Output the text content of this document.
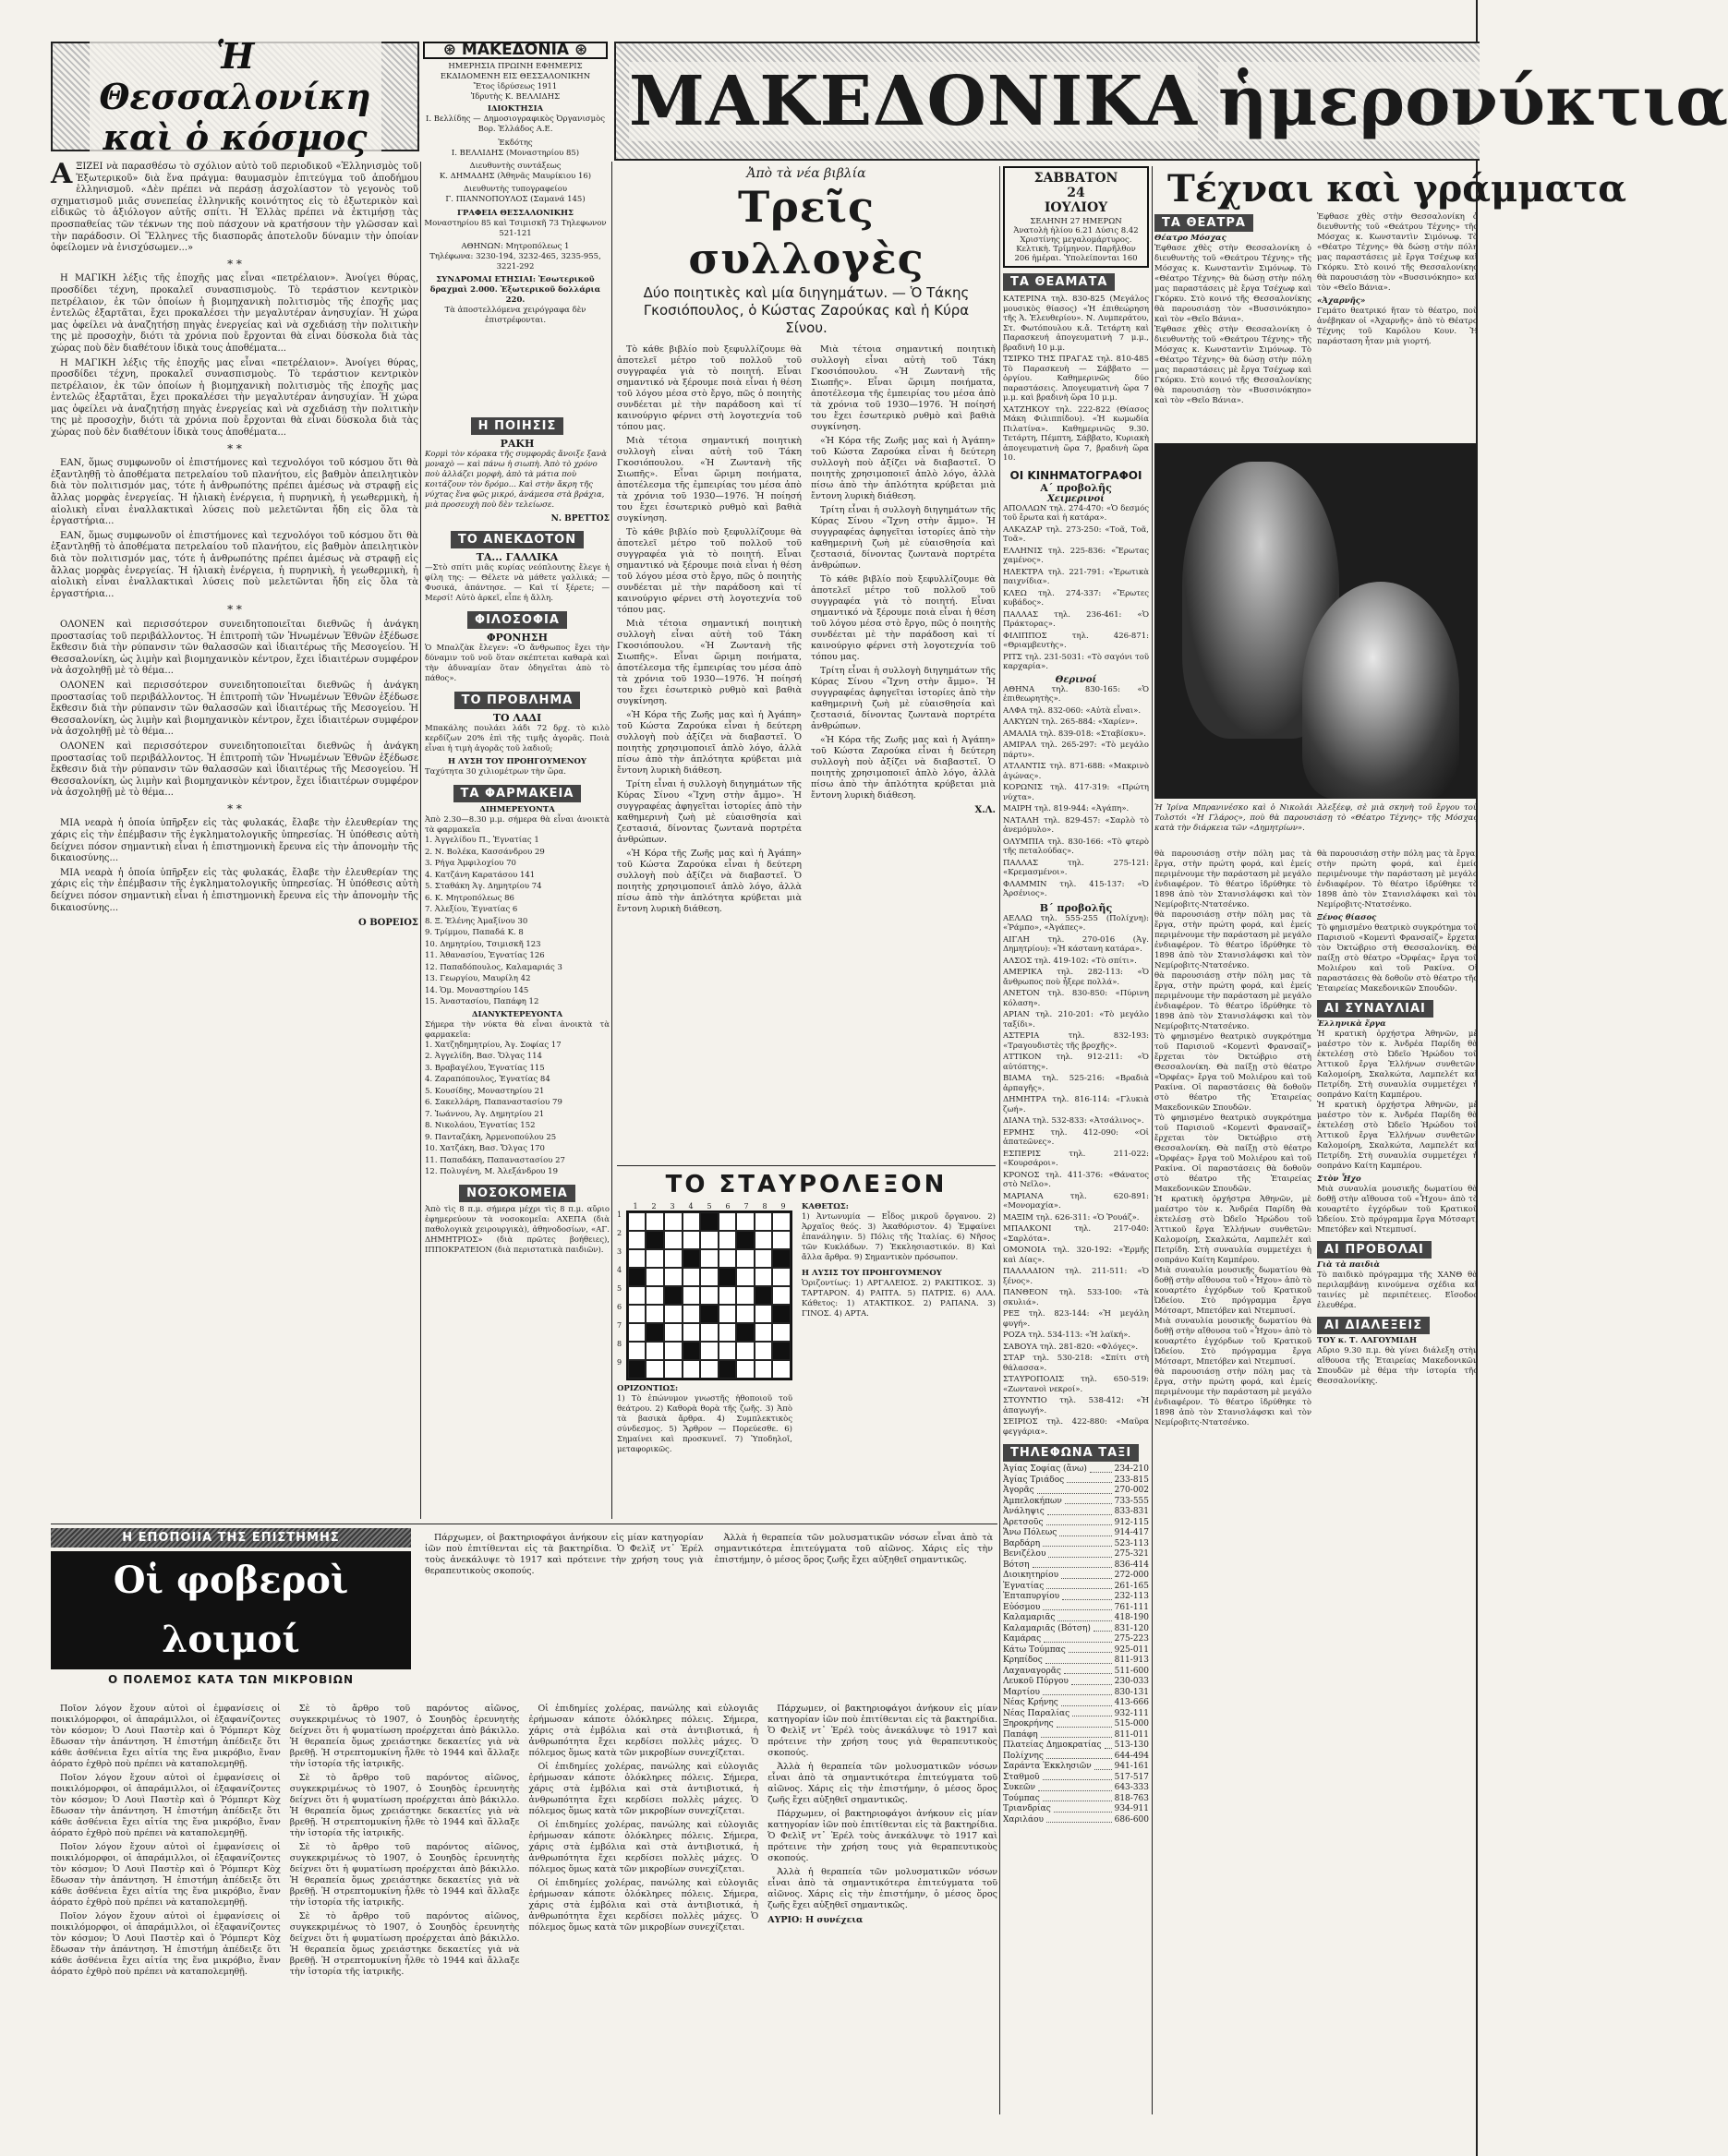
Ἡ Θεσσαλονίκη καὶ ὁ κόσμος
⊛ ΜΑΚΕΔΟΝΙΑ ⊛
ΗΜΕΡΗΣΙΑ ΠΡΩΙΝΗ ΕΦΗΜΕΡΙΣ ΕΚΔΙΔΟΜΕΝΗ ΕΙΣ ΘΕΣΣΑΛΟΝΙΚΗΝ
Ἔτος ἱδρύσεως 1911
Ἱδρυτὴς Κ. ΒΕΛΛΙΔΗΣ
ΙΔΙΟΚΤΗΣΙΑ
Ι. Βελλίδης — Δημοσιογραφικὸς Ὀργανισμὸς Βορ. Ἑλλάδος Α.Ε.
Ἐκδότης
Ι. ΒΕΛΛΙΔΗΣ (Μοναστηρίου 85)
Διευθυντὴς συντάξεως
Κ. ΔΗΜΑΔΗΣ (Ἀθηνᾶς Μαυρίκιου 16)
Διευθυντὴς τυπογραφείου
Γ. ΠΙΑΝΝΟΠΟΥΛΟΣ (Σαμανά 145)
ΓΡΑΦΕΙΑ ΘΕΣΣΑΛΟΝΙΚΗΣ
Μοναστηρίου 85 καὶ Τσιμισκῆ 73 Τηλεφωνον 521-121
ΑΘΗΝΩΝ: Μητροπόλεως 1
Τηλέφωνα: 3230-194, 3232-465, 3235-955, 3221-292
ΣΥΝΔΡΟΜΑΙ ΕΤΗΣΙΑΙ: Ἐσωτερικοῦ δραχμαὶ 2.000. Ἐξωτερικοῦ δολλάρια 220.
Τὰ ἀποστελλόμενα χειρόγραφα δὲν ἐπιστρέφονται.
ΜΑΚΕΔΟΝΙΚΑ ἡμερονύκτια

ΑΞΙΖΕΙ νὰ παρασθέσω τὸ σχόλιον αὐτὸ τοῦ περιοδικοῦ «Ἑλληνισμὸς τοῦ Ἐξωτερικοῦ» διὰ ἕνα πράγμα: θαυμασμὸν ἐπιτεύγμα τοῦ ἀποδήμου ἑλληνισμοῦ. «Δὲν πρέπει νὰ περάσῃ ἀσχολίαστον τὸ γεγονὸς τοῦ σχηματισμοῦ μιᾶς συνεπείας ἑλληνικῆς κοινότητος εἰς τὸ ἐξωτερικὸν καὶ εἰδικῶς τὸ ἀξιόλογον αὐτῆς σπίτι. Ἡ Ἑλλὰς πρέπει νὰ ἐκτιμήσῃ τὰς προσπαθείας τῶν τέκνων της ποὺ πάσχουν νὰ κρατήσουν τὴν γλῶσσαν καὶ τὴν παράδοσιν. Οἱ Ἕλληνες τῆς διασπορᾶς ἀποτελοῦν δύναμιν τὴν ὁποίαν ὀφείλομεν νὰ ἐνισχύσωμεν...»

* *

Η ΜΑΓΙΚΗ λέξις τῆς ἐποχῆς μας εἶναι «πετρέλαιον». Ἀνοίγει θύρας, προσδίδει τέχνη, προκαλεῖ συνασπισμοὺς. Τὸ τεράστιον κεντρικὸν πετρέλαιον, ἐκ τῶν ὁποίων ἡ βιομηχανικὴ πολιτισμὸς τῆς ἐποχῆς μας ἐντελῶς ἐξαρτᾶται, ἔχει προκαλέσει τὴν μεγαλυτέραν ἀνησυχίαν. Ἡ χώρα μας ὀφείλει νὰ ἀναζητήσῃ πηγὰς ἐνεργείας καὶ νὰ σχεδιάσῃ τὴν πολιτικὴν της μὲ προσοχὴν, διότι τὰ χρόνια ποὺ ἔρχονται θὰ εἶναι δύσκολα διὰ τὰς χώρας ποὺ δὲν διαθέτουν ἰδικὰ τους ἀποθέματα...

Η ΜΑΓΙΚΗ λέξις τῆς ἐποχῆς μας εἶναι «πετρέλαιον». Ἀνοίγει θύρας, προσδίδει τέχνη, προκαλεῖ συνασπισμοὺς. Τὸ τεράστιον κεντρικὸν πετρέλαιον, ἐκ τῶν ὁποίων ἡ βιομηχανικὴ πολιτισμὸς τῆς ἐποχῆς μας ἐντελῶς ἐξαρτᾶται, ἔχει προκαλέσει τὴν μεγαλυτέραν ἀνησυχίαν. Ἡ χώρα μας ὀφείλει νὰ ἀναζητήσῃ πηγὰς ἐνεργείας καὶ νὰ σχεδιάσῃ τὴν πολιτικὴν της μὲ προσοχὴν, διότι τὰ χρόνια ποὺ ἔρχονται θὰ εἶναι δύσκολα διὰ τὰς χώρας ποὺ δὲν διαθέτουν ἰδικὰ τους ἀποθέματα...

* *

ΕΑΝ, ὅμως συμφωνοῦν οἱ ἐπιστήμονες καὶ τεχνολόγοι τοῦ κόσμου ὅτι θὰ ἐξαντληθῇ τὸ ἀποθέματα πετρελαίου τοῦ πλανήτου, εἰς βαθμὸν ἀπειλητικὸν διὰ τὸν πολιτισμόν μας, τότε ἡ ἀνθρωπότης πρέπει ἀμέσως νὰ στραφῇ εἰς ἄλλας μορφὰς ἐνεργείας. Ἡ ἡλιακὴ ἐνέργεια, ἡ πυρηνικὴ, ἡ γεωθερμικὴ, ἡ αἰολικὴ εἶναι ἐναλλακτικαὶ λύσεις ποὺ μελετῶνται ἤδη εἰς ὅλα τὰ ἐργαστήρια...

ΕΑΝ, ὅμως συμφωνοῦν οἱ ἐπιστήμονες καὶ τεχνολόγοι τοῦ κόσμου ὅτι θὰ ἐξαντληθῇ τὸ ἀποθέματα πετρελαίου τοῦ πλανήτου, εἰς βαθμὸν ἀπειλητικὸν διὰ τὸν πολιτισμόν μας, τότε ἡ ἀνθρωπότης πρέπει ἀμέσως νὰ στραφῇ εἰς ἄλλας μορφὰς ἐνεργείας. Ἡ ἡλιακὴ ἐνέργεια, ἡ πυρηνικὴ, ἡ γεωθερμικὴ, ἡ αἰολικὴ εἶναι ἐναλλακτικαὶ λύσεις ποὺ μελετῶνται ἤδη εἰς ὅλα τὰ ἐργαστήρια...

* *

ΟΛΟΝΕΝ καὶ περισσότερον συνειδητοποιεῖται διεθνῶς ἡ ἀνάγκη προστασίας τοῦ περιβάλλοντος. Ἡ ἐπιτροπὴ τῶν Ἡνωμένων Ἐθνῶν ἐξέδωσε ἔκθεσιν διὰ τὴν ρύπανσιν τῶν θαλασσῶν καὶ ἰδιαιτέρως τῆς Μεσογείου. Ἡ Θεσσαλονίκη, ὡς λιμὴν καὶ βιομηχανικὸν κέντρον, ἔχει ἰδιαιτέρων συμφέρον νὰ ἀσχοληθῇ μὲ τὸ θέμα...

ΟΛΟΝΕΝ καὶ περισσότερον συνειδητοποιεῖται διεθνῶς ἡ ἀνάγκη προστασίας τοῦ περιβάλλοντος. Ἡ ἐπιτροπὴ τῶν Ἡνωμένων Ἐθνῶν ἐξέδωσε ἔκθεσιν διὰ τὴν ρύπανσιν τῶν θαλασσῶν καὶ ἰδιαιτέρως τῆς Μεσογείου. Ἡ Θεσσαλονίκη, ὡς λιμὴν καὶ βιομηχανικὸν κέντρον, ἔχει ἰδιαιτέρων συμφέρον νὰ ἀσχοληθῇ μὲ τὸ θέμα...

ΟΛΟΝΕΝ καὶ περισσότερον συνειδητοποιεῖται διεθνῶς ἡ ἀνάγκη προστασίας τοῦ περιβάλλοντος. Ἡ ἐπιτροπὴ τῶν Ἡνωμένων Ἐθνῶν ἐξέδωσε ἔκθεσιν διὰ τὴν ρύπανσιν τῶν θαλασσῶν καὶ ἰδιαιτέρως τῆς Μεσογείου. Ἡ Θεσσαλονίκη, ὡς λιμὴν καὶ βιομηχανικὸν κέντρον, ἔχει ἰδιαιτέρων συμφέρον νὰ ἀσχοληθῇ μὲ τὸ θέμα...

* *

ΜΙΑ νεαρὰ ἡ ὁποία ὑπῆρξεν εἰς τὰς φυλακάς, ἔλαβε τὴν ἐλευθερίαν της χάρις εἰς τὴν ἐπέμβασιν τῆς ἐγκληματολογικῆς ὑπηρεσίας. Ἡ ὑπόθεσις αὐτὴ δείχνει πόσον σημαντικὴ εἶναι ἡ ἐπιστημονικὴ ἔρευνα εἰς τὴν ἀπονομὴν τῆς δικαιοσύνης...

ΜΙΑ νεαρὰ ἡ ὁποία ὑπῆρξεν εἰς τὰς φυλακάς, ἔλαβε τὴν ἐλευθερίαν της χάρις εἰς τὴν ἐπέμβασιν τῆς ἐγκληματολογικῆς ὑπηρεσίας. Ἡ ὑπόθεσις αὐτὴ δείχνει πόσον σημαντικὴ εἶναι ἡ ἐπιστημονικὴ ἔρευνα εἰς τὴν ἀπονομὴν τῆς δικαιοσύνης...

Ο ΒΟΡΕΙΟΣ
Η ΠΟΙΗΣΙΣ
ΡΑΚΗ
Κορμὶ τὸν κόρακα τῆς συμφορᾶς ἄνοιξε ξανὰ μοναχὸ — καὶ πάνω ἡ σιωπὴ. Ἀπὸ τὸ χρόνο ποὺ ἀλλάζει μορφὴ, ἀπὸ τὰ μάτια ποὺ κοιτάζουν τὸν δρόμο... Καὶ στὴν ἄκρη τῆς νύχτας ἕνα φῶς μικρό, ἀνάμεσα στὰ βράχια, μιὰ προσευχὴ ποὺ δὲν τελείωσε.
Ν. ΒΡΕΤΤΟΣ
ΤΟ ΑΝΕΚΔΟΤΟΝ
ΤΑ... ΓΑΛΛΙΚΑ
—Στὸ σπίτι μιᾶς κυρίας νεόπλουτης ἔλεγε ἡ φίλη της: — Θέλετε νὰ μάθετε γαλλικά; — Φυσικά, ἀπάντησε. — Καὶ τί ξέρετε; — Μερσί! Αὐτὸ ἀρκεῖ, εἶπε ἡ ἄλλη.
ΦΙΛΟΣΟΦΙΑ
ΦΡΟΝΗΣΗ
Ὁ Μπαλζὰκ ἔλεγεν: «Ὁ ἄνθρωπος ἔχει τὴν δύναμιν τοῦ νοῦ ὅταν σκέπτεται καθαρὰ καὶ τὴν ἀδυναμίαν ὅταν ὁδηγεῖται ἀπὸ τὸ πάθος».
ΤΟ ΠΡΟΒΛΗΜΑ
ΤΟ ΛΑΔΙ
Μπακάλης πουλάει λάδι 72 δρχ. τὸ κιλὸ κερδίζων 20% ἐπὶ τῆς τιμῆς ἀγορᾶς. Ποιὰ εἶναι ἡ τιμὴ ἀγορᾶς τοῦ λαδιοῦ;
Η ΛΥΣΗ ΤΟΥ ΠΡΟΗΓΟΥΜΕΝΟΥ
Ταχύτητα 30 χιλιομέτρων τὴν ὥρα.
ΤΑ ΦΑΡΜΑΚΕΙΑ
ΔΙΗΜΕΡΕΥΟΝΤΑ
Ἀπὸ 2.30—8.30 μ.μ. σήμερα θὰ εἶναι ἀνοικτὰ τὰ φαρμακεῖα
1. Ἀγγελίδου Π., Ἐγνατίας 1
2. Ν. Βολέκα, Κασσάνδρου 29
3. Ρήγα Ἀμφιλοχίου 70
4. Κατζάνη Καρατάσου 141
5. Σταθάκη Ἀγ. Δημητρίου 74
6. Κ. Μητροπόλεως 86
7. Ἀλεξίου, Ἐγνατίας 6
8. Ξ. Ἑλένης Ἀμαξίνου 30
9. Τρίμμου, Παπαδά Κ. 8
10. Δημητρίου, Τσιμισκῆ 123
11. Ἀθανασίου, Ἐγνατίας 126
12. Παπαδόπουλος, Καλαμαριάς 3
13. Γεωργίου, Μαυρίλη 42
14. Ὁμ. Μοναστηρίου 145
15. Ἀναστασίου, Παπάφη 12
ΔΙΑΝΥΚΤΕΡΕΥΟΝΤΑ
Σήμερα τὴν νύκτα θὰ εἶναι ἀνοικτὰ τὰ φαρμακεῖα:
1. Χατζηδημητρίου, Ἀγ. Σοφίας 17
2. Ἀγγελίδη, Βασ. Ὄλγας 114
3. Βραβαγέλου, Ἐγνατίας 115
4. Ζαραπόπουλος, Ἐγνατίας 84
5. Κουσίδης, Μοναστηρίου 21
6. Σακελλάρη, Παπαναστασίου 79
7. Ἰωάννου, Ἀγ. Δημητρίου 21
8. Νικολάου, Ἐγνατίας 152
9. Πανταζάκη, Ἀρμενοπούλου 25
10. Χατζάκη, Βασ. Ὄλγας 170
11. Παπαδάκη, Παπαναστασίου 27
12. Πολυγένη, Μ. Ἀλεξάνδρου 19
ΝΟΣΟΚΟΜΕΙΑ
Ἀπὸ τὶς 8 π.μ. σήμερα μέχρι τὶς 8 π.μ. αὔριο ἐφημερεύουν τὰ νοσοκομεῖα: ΑΧΕΠΑ (διὰ παθολογικὰ χειρουργικὰ), ἀθηνοδοσίων, «ΑΓ. ΔΗΜΗΤΡΙΟΣ» (διὰ πρῶτες βοήθειες), ΙΠΠΟΚΡΑΤΕΙΟΝ (διὰ περιστατικὰ παιδιῶν).
Ἀπὸ τὰ νέα βιβλία
Τρεῖς συλλογὲς
Δύο ποιητικὲς καὶ μία διηγημάτων. — Ὁ Τάκης Γκοσιόπουλος, ὁ Κώστας Ζαρούκας καὶ ἡ Κύρα Σίνου.

Τὸ κάθε βιβλίο ποὺ ξεφυλλίζουμε θὰ ἀποτελεῖ μέτρο τοῦ πολλοῦ τοῦ συγγραφέα γιὰ τὸ ποιητή. Εἶναι σημαντικό νὰ ξέρουμε ποιὰ εἶναι ἡ θέση τοῦ λόγου μέσα στὸ ἔργο, πῶς ὁ ποιητὴς συνδέεται μὲ τὴν παράδοση καὶ τί καινούργιο φέρνει στὴ λογοτεχνία τοῦ τόπου μας.

Μιὰ τέτοια σημαντική ποιητικὴ συλλογὴ εἶναι αὐτὴ τοῦ Τάκη Γκοσιόπουλου. «Ἡ Ζωντανὴ τῆς Σιωπῆς». Εἶναι ὥριμη ποιήματα, ἀποτέλεσμα τῆς ἐμπειρίας του μέσα ἀπὸ τὰ χρόνια τοῦ 1930—1976. Ἡ ποίησή του ἔχει ἐσωτερικὸ ρυθμὸ καὶ βαθιὰ συγκίνηση.

Τὸ κάθε βιβλίο ποὺ ξεφυλλίζουμε θὰ ἀποτελεῖ μέτρο τοῦ πολλοῦ τοῦ συγγραφέα γιὰ τὸ ποιητή. Εἶναι σημαντικό νὰ ξέρουμε ποιὰ εἶναι ἡ θέση τοῦ λόγου μέσα στὸ ἔργο, πῶς ὁ ποιητὴς συνδέεται μὲ τὴν παράδοση καὶ τί καινούργιο φέρνει στὴ λογοτεχνία τοῦ τόπου μας.

Μιὰ τέτοια σημαντική ποιητικὴ συλλογὴ εἶναι αὐτὴ τοῦ Τάκη Γκοσιόπουλου. «Ἡ Ζωντανὴ τῆς Σιωπῆς». Εἶναι ὥριμη ποιήματα, ἀποτέλεσμα τῆς ἐμπειρίας του μέσα ἀπὸ τὰ χρόνια τοῦ 1930—1976. Ἡ ποίησή του ἔχει ἐσωτερικὸ ρυθμὸ καὶ βαθιὰ συγκίνηση.

«Ἡ Κόρα τῆς Ζωῆς μας καὶ ἡ Ἀγάπη» τοῦ Κώστα Ζαρούκα εἶναι ἡ δεύτερη συλλογὴ ποὺ ἀξίζει νὰ διαβαστεῖ. Ὁ ποιητὴς χρησιμοποιεῖ ἁπλὸ λόγο, ἀλλὰ πίσω ἀπὸ τὴν ἁπλότητα κρύβεται μιὰ ἔντονη λυρικὴ διάθεση.

Τρίτη εἶναι ἡ συλλογὴ διηγημάτων τῆς Κύρας Σίνου «Ἴχνη στὴν ἄμμο». Ἡ συγγραφέας ἀφηγεῖται ἱστορίες ἀπὸ τὴν καθημερινὴ ζωὴ μὲ εὐαισθησία καὶ ζεστασιά, δίνοντας ζωντανὰ πορτρέτα ἀνθρώπων.

«Ἡ Κόρα τῆς Ζωῆς μας καὶ ἡ Ἀγάπη» τοῦ Κώστα Ζαρούκα εἶναι ἡ δεύτερη συλλογὴ ποὺ ἀξίζει νὰ διαβαστεῖ. Ὁ ποιητὴς χρησιμοποιεῖ ἁπλὸ λόγο, ἀλλὰ πίσω ἀπὸ τὴν ἁπλότητα κρύβεται μιὰ ἔντονη λυρικὴ διάθεση.

Μιὰ τέτοια σημαντική ποιητικὴ συλλογὴ εἶναι αὐτὴ τοῦ Τάκη Γκοσιόπουλου. «Ἡ Ζωντανὴ τῆς Σιωπῆς». Εἶναι ὥριμη ποιήματα, ἀποτέλεσμα τῆς ἐμπειρίας του μέσα ἀπὸ τὰ χρόνια τοῦ 1930—1976. Ἡ ποίησή του ἔχει ἐσωτερικὸ ρυθμὸ καὶ βαθιὰ συγκίνηση.

«Ἡ Κόρα τῆς Ζωῆς μας καὶ ἡ Ἀγάπη» τοῦ Κώστα Ζαρούκα εἶναι ἡ δεύτερη συλλογὴ ποὺ ἀξίζει νὰ διαβαστεῖ. Ὁ ποιητὴς χρησιμοποιεῖ ἁπλὸ λόγο, ἀλλὰ πίσω ἀπὸ τὴν ἁπλότητα κρύβεται μιὰ ἔντονη λυρικὴ διάθεση.

Τρίτη εἶναι ἡ συλλογὴ διηγημάτων τῆς Κύρας Σίνου «Ἴχνη στὴν ἄμμο». Ἡ συγγραφέας ἀφηγεῖται ἱστορίες ἀπὸ τὴν καθημερινὴ ζωὴ μὲ εὐαισθησία καὶ ζεστασιά, δίνοντας ζωντανὰ πορτρέτα ἀνθρώπων.

Τὸ κάθε βιβλίο ποὺ ξεφυλλίζουμε θὰ ἀποτελεῖ μέτρο τοῦ πολλοῦ τοῦ συγγραφέα γιὰ τὸ ποιητή. Εἶναι σημαντικό νὰ ξέρουμε ποιὰ εἶναι ἡ θέση τοῦ λόγου μέσα στὸ ἔργο, πῶς ὁ ποιητὴς συνδέεται μὲ τὴν παράδοση καὶ τί καινούργιο φέρνει στὴ λογοτεχνία τοῦ τόπου μας.

Τρίτη εἶναι ἡ συλλογὴ διηγημάτων τῆς Κύρας Σίνου «Ἴχνη στὴν ἄμμο». Ἡ συγγραφέας ἀφηγεῖται ἱστορίες ἀπὸ τὴν καθημερινὴ ζωὴ μὲ εὐαισθησία καὶ ζεστασιά, δίνοντας ζωντανὰ πορτρέτα ἀνθρώπων.

«Ἡ Κόρα τῆς Ζωῆς μας καὶ ἡ Ἀγάπη» τοῦ Κώστα Ζαρούκα εἶναι ἡ δεύτερη συλλογὴ ποὺ ἀξίζει νὰ διαβαστεῖ. Ὁ ποιητὴς χρησιμοποιεῖ ἁπλὸ λόγο, ἀλλὰ πίσω ἀπὸ τὴν ἁπλότητα κρύβεται μιὰ ἔντονη λυρικὴ διάθεση.

Χ.Λ.
ΤΟ ΣΤΑΥΡΟΛΕΞΟΝ
1	2	3	4	5	6	7	8	9
1
2
3
4
5
6
7
8
9
ΟΡΙΖΟΝΤΙΩΣ:
1) Τὸ ἐπώνυμον γνωστῆς ἠθοποιοῦ τοῦ θεάτρου. 2) Καθορὰ θορὰ τῆς ζωῆς. 3) Ἀπὸ τὰ βασικὰ ἄρθρα. 4) Συμπλεκτικὸς σύνδεσμος. 5) Ἄρθρον — Πορεύεσθε. 6) Σημαίνει καὶ προσκυνεῖ. 7) Ὑποδηλοῖ, μεταφορικῶς.
ΚΑΘΕΤΩΣ:
1) Ἀντωνυμία — Εἶδος μικροῦ ὄργανου. 2) Ἀρχαῖος θεός. 3) Ἀκαθόριστον. 4) Ἐμφαίνει ἐπανάληψιν. 5) Πόλις τῆς Ἰταλίας. 6) Νῆσος τῶν Κυκλάδων. 7) Ἐκκλησιαστικόν. 8) Καὶ ἄλλα ἄρθρα. 9) Σημαντικὸν πρόσωπον.
Η ΛΥΣΙΣ ΤΟΥ ΠΡΟΗΓΟΥΜΕΝΟΥ
Ὁριζοντίως: 1) ΑΡΓΑΛΕΙΟΣ. 2) ΡΑΚΙΤΙΚΟΣ. 3) ΤΑΡΤΑΡΟΝ. 4) ΡΑΠΤΑ. 5) ΠΑΤΡΙΣ. 6) ΑΛΑ. Κάθετος: 1) ΑΤΑΚΤΙΚΟΣ. 2) ΡΑΠΑΝΑ. 3) ΓΙΝΟΣ. 4) ΑΡΤΑ.
ΣΑΒΒΑΤΟΝ
24
ΙΟΥΛΙΟΥ
ΣΕΛΗΝΗ 27 ΗΜΕΡΩΝ
Ἀνατολὴ ἡλίου 6.21 Δύσις 8.42
Χριστίνης μεγαλομάρτυρος. Κελτικὴ. Τρίμηνον. Παρῆλθον 206 ἡμέραι. Ὑπολείπονται 160
ΤΑ ΘΕΑΜΑΤΑ
ΚΑΤΕΡΙΝΑ τηλ. 830-825 (Μεγάλος μουσικὸς θίασος) «Ἡ ἐπιθεώρηση τῆς Ἀ. Ἐλευθερίου». Ν. Λυμπεράτου, Στ. Φωτόπουλου κ.ἄ. Τετάρτη καὶ Παρασκευή ἀπογευματινὴ 7 μ.μ., βραδινὴ 10 μ.μ.
ΤΣΙΡΚΟ ΤΗΣ ΠΡΑΓΑΣ τηλ. 810-485 Τὸ Παρασκευὴ — Σάββατο — ὀργίου. Καθημερινῶς δύο παραστάσεις. Ἀπογευματινὴ ὥρα 7 μ.μ. καὶ βραδινὴ ὥρα 10 μ.μ.
ΧΑΤΖΗΚΟΥ τηλ. 222-822 (Θίασος Μάκη Φιλιππίδου). «Ἡ κωμωδία Πιλατίνα». Καθημερινῶς 9.30. Τετάρτη, Πέμπτη, Σάββατο, Κυριακὴ ἀπογευματινὴ ὥρα 7, βραδινὴ ὥρα 10.
ΟΙ ΚΙΝΗΜΑΤΟΓΡΑΦΟΙ
Α΄ προβολῆς
Χειμερινοί
ΑΠΟΛΛΩΝ τηλ. 274-470: «Ὁ δεσμός τοῦ ἔρωτα καὶ ἡ κατάρα».
ΑΛΚΑΖΑΡ τηλ. 273-250: «Τοᾶ, Τοᾶ, Τοᾶ».
ΕΛΛΗΝΙΣ τηλ. 225-836: «Ἔρωτας χαμένος».
ΗΛΕΚΤΡΑ τηλ. 221-791: «Ἐρωτικὰ παιχνίδια».
ΚΛΕΩ τηλ. 274-337: «Ἔρωτες κυβάδος».
ΠΑΛΛΑΣ τηλ. 236-461: «Ὁ Πράκτορας».
ΦΙΛΙΠΠΟΣ τηλ. 426-871: «Θριαμβευτὴς».
ΡΙΤΣ τηλ. 231-5031: «Τὸ σαγόνι τοῦ καρχαρία».
Θερινοί
ΑΘΗΝΑ τηλ. 830-165: «Ὁ ἐπιθεωρητὴς».
ΑΛΦΑ τηλ. 832-060: «Αὐτὰ εἶναι».
ΑΛΚΥΩΝ τηλ. 265-884: «Χαρίεν».
ΑΜΑΛΙΑ τηλ. 839-018: «Σταβίσκυ».
ΑΜΙΡΑΛ τηλ. 265-297: «Τὸ μεγάλο πάρτυ».
ΑΤΛΑΝΤΙΣ τηλ. 871-688: «Μακρινὸ ἀγώνας».
ΚΟΡΩΝΙΣ τηλ. 417-319: «Πρώτη νύχτα».
ΜΑΙΡΗ τηλ. 819-944: «Ἀγάπη».
ΝΑΤΑΛΗ τηλ. 829-457: «Σαρλὸ τὸ ἀνεμόμυλο».
ΟΛΥΜΠΙΑ τηλ. 830-166: «Τὸ φτερὸ τῆς πεταλούδας».
ΠΑΛΛΑΣ τηλ. 275-121: «Κρεμασμένοι».
ΦΛΑΜΜΙΝ τηλ. 415-137: «Ὁ Ἀρσένιος».
Β΄ προβολῆς
ΑΕΛΛΩ τηλ. 555-255 (Πολίχνη): «Ῥάμπο», «Ἀγάπες».
ΑΙΓΛΗ τηλ. 270-016 (Ἀγ. Δημητρίου): «Ἡ κάστανη κατάρα».
ΑΛΣΟΣ τηλ. 419-102: «Τὸ σπίτι».
ΑΜΕΡΙΚΑ τηλ. 282-113: «Ὁ ἄνθρωπος ποὺ ἦξερε πολλά».
ΑΝΕΤΟΝ τηλ. 830-850: «Πύρινη κόλαση».
ΑΡΙΑΝ τηλ. 210-201: «Τὸ μεγάλο ταξίδι».
ΑΣΤΕΡΙΑ τηλ. 832-193: «Τραγουδιστὲς τῆς βροχῆς».
ΑΤΤΙΚΟΝ τηλ. 912-211: «Ὁ αὐτόπτης».
ΒΙΑΜΑ τηλ. 525-216: «Βραδιὰ ἁρπαγῆς».
ΔΗΜΗΤΡΑ τηλ. 816-114: «Γλυκιὰ ζωή».
ΔΙΑΝΑ τηλ. 532-833: «Ἀτσάλινος».
ΕΡΜΗΣ τηλ. 412-090: «Οἱ ἀπατεῶνες».
ΕΣΠΕΡΙΣ τηλ. 211-022: «Κουρσάροι».
ΚΡΟΝΟΣ τηλ. 411-376: «Θάνατος στὸ Νεῖλο».
ΜΑΡΙΑΝΑ τηλ. 620-891: «Μονομαχία».
ΜΑΞΙΜ τηλ. 626-311: «Ὁ Ῥουάζ».
ΜΠΑΛΚΟΝΙ τηλ. 217-040: «Σαρλότα».
ΟΜΟΝΟΙΑ τηλ. 320-192: «Ἑρμῆς καὶ Δίας».
ΠΑΛΛΑΔΙΟΝ τηλ. 211-511: «Ὁ ξένος».
ΠΑΝΘΕΟΝ τηλ. 533-100: «Τὰ σκυλιά».
ΡΕΞ τηλ. 823-144: «Ἡ μεγάλη φυγή».
ΡΟΖΑ τηλ. 534-113: «Ἡ λαϊκή».
ΣΑΒΟΥΑ τηλ. 281-820: «Φλόγες».
ΣΤΑΡ τηλ. 530-218: «Σπίτι στὴ θάλασσα».
ΣΤΑΥΡΟΠΟΛΙΣ τηλ. 650-519: «Ζωντανοὶ νεκροί».
ΣΤΟΥΝΤΙΟ τηλ. 538-412: «Ἡ ἀπαγωγή».
ΣΕΙΡΙΟΣ τηλ. 422-880: «Μαῦρα φεγγάρια».
ΤΗΛΕΦΩΝΑ ΤΑΞΙ
Ἀγίας Σοφίας (ἄνω)	234-210
Ἀγίας Τριάδος	233-815
Ἀγορᾶς	270-002
Ἀμπελοκήπων	733-555
Ἀνάληψις	833-831
Ἀρετσοῦς	912-115
Ἄνω Πόλεως	914-417
Βαρδάρη	523-113
Βενιζέλου	275-321
Βότση	836-414
Διοικητηρίου	272-000
Ἐγνατίας	261-165
Ἐπταπυργίου	232-113
Εὐόσμου	761-111
Καλαμαριᾶς	418-190
Καλαμαριᾶς (Βότση)	831-120
Καμάρας	275-223
Κάτω Τούμπας	925-011
Κρηπίδος	811-913
Λαχαναγορᾶς	511-600
Λευκοῦ Πύργου	230-033
Μαρτίου	830-131
Νέας Κρήνης	413-666
Νέας Παραλίας	932-111
Ξηροκρήνης	515-000
Παπάφη	811-011
Πλατείας Δημοκρατίας 513-130
Πολίχνης	644-494
Σαράντα Ἐκκλησιῶν	941-161
Σταθμοῦ	517-517
Συκεῶν	643-333
Τούμπας	818-763
Τριανδρίας	934-911
Χαριλάου	686-600
Τέχναι καὶ γράμματα
ΤΑ ΘΕΑΤΡΑ
Θέατρο Μόσχας
Ἐφθασε χθὲς στὴν Θεσσαλονίκη ὁ διευθυντὴς τοῦ «Θεάτρου Τέχνης» τῆς Μόσχας κ. Κωνσταντὶν Σιμόνωφ. Τὸ «Θέατρο Τέχνης» θὰ δώσῃ στὴν πόλη μας παραστάσεις μὲ ἔργα Τσέχωφ καὶ Γκόρκυ. Στὸ κοινό τῆς Θεσσαλονίκης θὰ παρουσιάσῃ τὸν «Βυσσινόκηπο» καὶ τὸν «Θεῖο Βάνια».
Ἐφθασε χθὲς στὴν Θεσσαλονίκη ὁ διευθυντὴς τοῦ «Θεάτρου Τέχνης» τῆς Μόσχας κ. Κωνσταντὶν Σιμόνωφ. Τὸ «Θέατρο Τέχνης» θὰ δώσῃ στὴν πόλη μας παραστάσεις μὲ ἔργα Τσέχωφ καὶ Γκόρκυ. Στὸ κοινό τῆς Θεσσαλονίκης θὰ παρουσιάσῃ τὸν «Βυσσινόκηπο» καὶ τὸν «Θεῖο Βάνια».
Ἐφθασε χθὲς στὴν Θεσσαλονίκη ὁ διευθυντὴς τοῦ «Θεάτρου Τέχνης» τῆς Μόσχας κ. Κωνσταντὶν Σιμόνωφ. Τὸ «Θέατρο Τέχνης» θὰ δώσῃ στὴν πόλη μας παραστάσεις μὲ ἔργα Τσέχωφ καὶ Γκόρκυ. Στὸ κοινό τῆς Θεσσαλονίκης θὰ παρουσιάσῃ τὸν «Βυσσινόκηπο» καὶ τὸν «Θεῖο Βάνια».
«Ἀχαρνῆς»
Γεμάτο θεατρικό ἤταν τὸ θέατρο, ποὺ ἀνέβηκαν οἱ «Ἀχαρνῆς» ἀπὸ τὸ Θέατρο Τέχνης τοῦ Καρόλου Κουν. Ἡ παράσταση ἦταν μιὰ γιορτή.
Ἡ Ἰρίνα Μπρανινέσκο καὶ ὁ Νικολάι Ἀλεξέεφ, σὲ μιὰ σκηνὴ τοῦ ἔργου τοῦ Τολστόι «Ἡ Γλάρος», ποὺ θὰ παρουσιάσῃ τὸ «Θέατρο Τέχνης» τῆς Μόσχας κατὰ τὴν διάρκεια τῶν «Δημητρίων».
θὰ παρουσιάσῃ στὴν πόλη μας τὰ ἔργα, στὴν πρώτη φορά, καὶ ἐμείς περιμένουμε τὴν παράσταση μὲ μεγάλο ἐνδιαφέρον. Τὸ θέατρο ἱδρύθηκε τὸ 1898 ἀπὸ τὸν Στανισλάφσκι καὶ τὸν Νεμίροβιτς-Ντατσένκο.
θὰ παρουσιάσῃ στὴν πόλη μας τὰ ἔργα, στὴν πρώτη φορά, καὶ ἐμείς περιμένουμε τὴν παράσταση μὲ μεγάλο ἐνδιαφέρον. Τὸ θέατρο ἱδρύθηκε τὸ 1898 ἀπὸ τὸν Στανισλάφσκι καὶ τὸν Νεμίροβιτς-Ντατσένκο.
θὰ παρουσιάσῃ στὴν πόλη μας τὰ ἔργα, στὴν πρώτη φορά, καὶ ἐμείς περιμένουμε τὴν παράσταση μὲ μεγάλο ἐνδιαφέρον. Τὸ θέατρο ἱδρύθηκε τὸ 1898 ἀπὸ τὸν Στανισλάφσκι καὶ τὸν Νεμίροβιτς-Ντατσένκο.
Τὸ φημισμένο θεατρικὸ συγκρότημα τοῦ Παρισιοῦ «Κομεντὶ Φρανσαίζ» ἔρχεται τὸν Ὀκτώβριο στὴ Θεσσαλονίκη. Θὰ παίξῃ στὸ θέατρο «Ὀρφέας» ἔργα τοῦ Μολιέρου καὶ τοῦ Ρακίνα. Οἱ παραστάσεις θὰ δοθοῦν στὸ θέατρο τῆς Ἑταιρείας Μακεδονικῶν Σπουδῶν.
Τὸ φημισμένο θεατρικὸ συγκρότημα τοῦ Παρισιοῦ «Κομεντὶ Φρανσαίζ» ἔρχεται τὸν Ὀκτώβριο στὴ Θεσσαλονίκη. Θὰ παίξῃ στὸ θέατρο «Ὀρφέας» ἔργα τοῦ Μολιέρου καὶ τοῦ Ρακίνα. Οἱ παραστάσεις θὰ δοθοῦν στὸ θέατρο τῆς Ἑταιρείας Μακεδονικῶν Σπουδῶν.
Ἡ κρατικὴ ὀρχήστρα Ἀθηνῶν, μὲ μαέστρο τὸν κ. Ἀνδρέα Παρίδη θὰ ἐκτελέσῃ στὸ Ὠδεῖο Ἡρώδου τοῦ Ἀττικοῦ ἔργα Ἑλλήνων συνθετῶν: Καλομοίρη, Σκαλκώτα, Λαμπελέτ καὶ Πετρίδη. Στὴ συναυλία συμμετέχει ἡ σοπράνο Καίτη Καμπέρου.
Μιὰ συναυλία μουσικῆς δωματίου θὰ δοθῇ στὴν αἴθουσα τοῦ «Ἦχου» ἀπὸ τὸ κουαρτέτο ἐγχόρδων τοῦ Κρατικοῦ Ὠδείου. Στὸ πρόγραμμα ἔργα Μότσαρτ, Μπετόβεν καὶ Ντεμπυσί.
Μιὰ συναυλία μουσικῆς δωματίου θὰ δοθῇ στὴν αἴθουσα τοῦ «Ἦχου» ἀπὸ τὸ κουαρτέτο ἐγχόρδων τοῦ Κρατικοῦ Ὠδείου. Στὸ πρόγραμμα ἔργα Μότσαρτ, Μπετόβεν καὶ Ντεμπυσί.
θὰ παρουσιάσῃ στὴν πόλη μας τὰ ἔργα, στὴν πρώτη φορά, καὶ ἐμείς περιμένουμε τὴν παράσταση μὲ μεγάλο ἐνδιαφέρον. Τὸ θέατρο ἱδρύθηκε τὸ 1898 ἀπὸ τὸν Στανισλάφσκι καὶ τὸν Νεμίροβιτς-Ντατσένκο.
θὰ παρουσιάσῃ στὴν πόλη μας τὰ ἔργα, στὴν πρώτη φορά, καὶ ἐμείς περιμένουμε τὴν παράσταση μὲ μεγάλο ἐνδιαφέρον. Τὸ θέατρο ἱδρύθηκε τὸ 1898 ἀπὸ τὸν Στανισλάφσκι καὶ τὸν Νεμίροβιτς-Ντατσένκο.
Ξένος θίασος
Τὸ φημισμένο θεατρικὸ συγκρότημα τοῦ Παρισιοῦ «Κομεντὶ Φρανσαίζ» ἔρχεται τὸν Ὀκτώβριο στὴ Θεσσαλονίκη. Θὰ παίξῃ στὸ θέατρο «Ὀρφέας» ἔργα τοῦ Μολιέρου καὶ τοῦ Ρακίνα. Οἱ παραστάσεις θὰ δοθοῦν στὸ θέατρο τῆς Ἑταιρείας Μακεδονικῶν Σπουδῶν.
ΑΙ ΣΥΝΑΥΛΙΑΙ
Ἑλληνικὰ ἔργα
Ἡ κρατικὴ ὀρχήστρα Ἀθηνῶν, μὲ μαέστρο τὸν κ. Ἀνδρέα Παρίδη θὰ ἐκτελέσῃ στὸ Ὠδεῖο Ἡρώδου τοῦ Ἀττικοῦ ἔργα Ἑλλήνων συνθετῶν: Καλομοίρη, Σκαλκώτα, Λαμπελέτ καὶ Πετρίδη. Στὴ συναυλία συμμετέχει ἡ σοπράνο Καίτη Καμπέρου.
Ἡ κρατικὴ ὀρχήστρα Ἀθηνῶν, μὲ μαέστρο τὸν κ. Ἀνδρέα Παρίδη θὰ ἐκτελέσῃ στὸ Ὠδεῖο Ἡρώδου τοῦ Ἀττικοῦ ἔργα Ἑλλήνων συνθετῶν: Καλομοίρη, Σκαλκώτα, Λαμπελέτ καὶ Πετρίδη. Στὴ συναυλία συμμετέχει ἡ σοπράνο Καίτη Καμπέρου.
Στὸν Ἦχο
Μιὰ συναυλία μουσικῆς δωματίου θὰ δοθῇ στὴν αἴθουσα τοῦ «Ἦχου» ἀπὸ τὸ κουαρτέτο ἐγχόρδων τοῦ Κρατικοῦ Ὠδείου. Στὸ πρόγραμμα ἔργα Μότσαρτ, Μπετόβεν καὶ Ντεμπυσί.
ΑΙ ΠΡΟΒΟΛΑΙ
Γιὰ τὰ παιδιὰ
Τὸ παιδικὸ πρόγραμμα τῆς ΧΑΝΘ θὰ περιλαμβάνῃ κινούμενα σχέδια καὶ ταινίες μὲ περιπέτειες. Εἴσοδος ἐλευθέρα.
ΑΙ ΔΙΑΛΕΞΕΙΣ
ΤΟΥ κ. Τ. ΛΑΓΟΥΜΙΔΗ
Αὔριο 9.30 π.μ. θὰ γίνει διάλεξη στὴν αἴθουσα τῆς Ἑταιρείας Μακεδονικῶν Σπουδῶν μὲ θέμα τὴν ἱστορία τῆς Θεσσαλονίκης.
Η ΕΠΟΠΟΙΙΑ ΤΗΣ ΕΠΙΣΤΗΜΗΣ
Οἱ φοβεροὶ λοιμοί
Ο ΠΟΛΕΜΟΣ ΚΑΤΑ ΤΩΝ ΜΙΚΡΟΒΙΩΝ

Πάρχωμεν, οἱ βακτηριοφάγοι ἀνήκουν εἰς μίαν κατηγορίαν ἰῶν ποὺ ἐπιτίθενται εἰς τὰ βακτηρίδια. Ὁ Φελὶξ ντ᾿ Ἐρέλ τοὺς ἀνεκάλυψε τὸ 1917 καὶ πρότεινε τὴν χρήση τους γιὰ θεραπευτικοὺς σκοπούς.

Ἀλλὰ ἡ θεραπεία τῶν μολυσματικῶν νόσων εἶναι ἀπὸ τὰ σημαντικότερα ἐπιτεύγματα τοῦ αἰῶνος. Χάρις εἰς τὴν ἐπιστήμην, ὁ μέσος ὅρος ζωῆς ἔχει αὐξηθεῖ σημαντικῶς.

Ποῖον λόγον ἔχουν αὐτοὶ οἱ ἐμφανίσεις οἱ ποικιλόμορφοι, οἱ ἀπαράμιλλοι, οἱ ἐξαφανίζοντες τὸν κόσμον; Ὁ Λουὶ Παστὲρ καὶ ὁ Ῥόμπερτ Κὸχ ἔδωσαν τὴν ἀπάντηση. Ἡ ἐπιστήμη ἀπέδειξε ὅτι κάθε ἀσθένεια ἔχει αἰτία της ἕνα μικρόβιο, ἕναν ἀόρατο ἐχθρὸ ποὺ πρέπει νὰ καταπολεμηθῇ.

Ποῖον λόγον ἔχουν αὐτοὶ οἱ ἐμφανίσεις οἱ ποικιλόμορφοι, οἱ ἀπαράμιλλοι, οἱ ἐξαφανίζοντες τὸν κόσμον; Ὁ Λουὶ Παστὲρ καὶ ὁ Ῥόμπερτ Κὸχ ἔδωσαν τὴν ἀπάντηση. Ἡ ἐπιστήμη ἀπέδειξε ὅτι κάθε ἀσθένεια ἔχει αἰτία της ἕνα μικρόβιο, ἕναν ἀόρατο ἐχθρὸ ποὺ πρέπει νὰ καταπολεμηθῇ.

Ποῖον λόγον ἔχουν αὐτοὶ οἱ ἐμφανίσεις οἱ ποικιλόμορφοι, οἱ ἀπαράμιλλοι, οἱ ἐξαφανίζοντες τὸν κόσμον; Ὁ Λουὶ Παστὲρ καὶ ὁ Ῥόμπερτ Κὸχ ἔδωσαν τὴν ἀπάντηση. Ἡ ἐπιστήμη ἀπέδειξε ὅτι κάθε ἀσθένεια ἔχει αἰτία της ἕνα μικρόβιο, ἕναν ἀόρατο ἐχθρὸ ποὺ πρέπει νὰ καταπολεμηθῇ.

Ποῖον λόγον ἔχουν αὐτοὶ οἱ ἐμφανίσεις οἱ ποικιλόμορφοι, οἱ ἀπαράμιλλοι, οἱ ἐξαφανίζοντες τὸν κόσμον; Ὁ Λουὶ Παστὲρ καὶ ὁ Ῥόμπερτ Κὸχ ἔδωσαν τὴν ἀπάντηση. Ἡ ἐπιστήμη ἀπέδειξε ὅτι κάθε ἀσθένεια ἔχει αἰτία της ἕνα μικρόβιο, ἕναν ἀόρατο ἐχθρὸ ποὺ πρέπει νὰ καταπολεμηθῇ.

Σὲ τὸ ἄρθρο τοῦ παρόντος αἰῶνος, συγκεκριμένως τὸ 1907, ὁ Σουηδὸς ἐρευνητὴς δείχνει ὅτι ἡ φυματίωση προέρχεται ἀπὸ βάκιλλο. Ἡ θεραπεία ὅμως χρειάστηκε δεκαετίες γιὰ νὰ βρεθῇ. Ἡ στρεπτομυκίνη ἦλθε τὸ 1944 καὶ ἄλλαξε τὴν ἱστορία τῆς ἰατρικῆς.

Σὲ τὸ ἄρθρο τοῦ παρόντος αἰῶνος, συγκεκριμένως τὸ 1907, ὁ Σουηδὸς ἐρευνητὴς δείχνει ὅτι ἡ φυματίωση προέρχεται ἀπὸ βάκιλλο. Ἡ θεραπεία ὅμως χρειάστηκε δεκαετίες γιὰ νὰ βρεθῇ. Ἡ στρεπτομυκίνη ἦλθε τὸ 1944 καὶ ἄλλαξε τὴν ἱστορία τῆς ἰατρικῆς.

Σὲ τὸ ἄρθρο τοῦ παρόντος αἰῶνος, συγκεκριμένως τὸ 1907, ὁ Σουηδὸς ἐρευνητὴς δείχνει ὅτι ἡ φυματίωση προέρχεται ἀπὸ βάκιλλο. Ἡ θεραπεία ὅμως χρειάστηκε δεκαετίες γιὰ νὰ βρεθῇ. Ἡ στρεπτομυκίνη ἦλθε τὸ 1944 καὶ ἄλλαξε τὴν ἱστορία τῆς ἰατρικῆς.

Σὲ τὸ ἄρθρο τοῦ παρόντος αἰῶνος, συγκεκριμένως τὸ 1907, ὁ Σουηδὸς ἐρευνητὴς δείχνει ὅτι ἡ φυματίωση προέρχεται ἀπὸ βάκιλλο. Ἡ θεραπεία ὅμως χρειάστηκε δεκαετίες γιὰ νὰ βρεθῇ. Ἡ στρεπτομυκίνη ἦλθε τὸ 1944 καὶ ἄλλαξε τὴν ἱστορία τῆς ἰατρικῆς.

Οἱ ἐπιδημίες χολέρας, πανώλης καὶ εὐλογιᾶς ἐρήμωσαν κάποτε ὁλόκληρες πόλεις. Σήμερα, χάρις στὰ ἐμβόλια καὶ στὰ ἀντιβιοτικά, ἡ ἀνθρωπότητα ἔχει κερδίσει πολλὲς μάχες. Ὁ πόλεμος ὅμως κατὰ τῶν μικροβίων συνεχίζεται.

Οἱ ἐπιδημίες χολέρας, πανώλης καὶ εὐλογιᾶς ἐρήμωσαν κάποτε ὁλόκληρες πόλεις. Σήμερα, χάρις στὰ ἐμβόλια καὶ στὰ ἀντιβιοτικά, ἡ ἀνθρωπότητα ἔχει κερδίσει πολλὲς μάχες. Ὁ πόλεμος ὅμως κατὰ τῶν μικροβίων συνεχίζεται.

Οἱ ἐπιδημίες χολέρας, πανώλης καὶ εὐλογιᾶς ἐρήμωσαν κάποτε ὁλόκληρες πόλεις. Σήμερα, χάρις στὰ ἐμβόλια καὶ στὰ ἀντιβιοτικά, ἡ ἀνθρωπότητα ἔχει κερδίσει πολλὲς μάχες. Ὁ πόλεμος ὅμως κατὰ τῶν μικροβίων συνεχίζεται.

Οἱ ἐπιδημίες χολέρας, πανώλης καὶ εὐλογιᾶς ἐρήμωσαν κάποτε ὁλόκληρες πόλεις. Σήμερα, χάρις στὰ ἐμβόλια καὶ στὰ ἀντιβιοτικά, ἡ ἀνθρωπότητα ἔχει κερδίσει πολλὲς μάχες. Ὁ πόλεμος ὅμως κατὰ τῶν μικροβίων συνεχίζεται.

Πάρχωμεν, οἱ βακτηριοφάγοι ἀνήκουν εἰς μίαν κατηγορίαν ἰῶν ποὺ ἐπιτίθενται εἰς τὰ βακτηρίδια. Ὁ Φελὶξ ντ᾿ Ἐρέλ τοὺς ἀνεκάλυψε τὸ 1917 καὶ πρότεινε τὴν χρήση τους γιὰ θεραπευτικοὺς σκοπούς.

Ἀλλὰ ἡ θεραπεία τῶν μολυσματικῶν νόσων εἶναι ἀπὸ τὰ σημαντικότερα ἐπιτεύγματα τοῦ αἰῶνος. Χάρις εἰς τὴν ἐπιστήμην, ὁ μέσος ὅρος ζωῆς ἔχει αὐξηθεῖ σημαντικῶς.

Πάρχωμεν, οἱ βακτηριοφάγοι ἀνήκουν εἰς μίαν κατηγορίαν ἰῶν ποὺ ἐπιτίθενται εἰς τὰ βακτηρίδια. Ὁ Φελὶξ ντ᾿ Ἐρέλ τοὺς ἀνεκάλυψε τὸ 1917 καὶ πρότεινε τὴν χρήση τους γιὰ θεραπευτικοὺς σκοπούς.

Ἀλλὰ ἡ θεραπεία τῶν μολυσματικῶν νόσων εἶναι ἀπὸ τὰ σημαντικότερα ἐπιτεύγματα τοῦ αἰῶνος. Χάρις εἰς τὴν ἐπιστήμην, ὁ μέσος ὅρος ζωῆς ἔχει αὐξηθεῖ σημαντικῶς.

ΑΥΡΙΟ: Η συνέχεια
